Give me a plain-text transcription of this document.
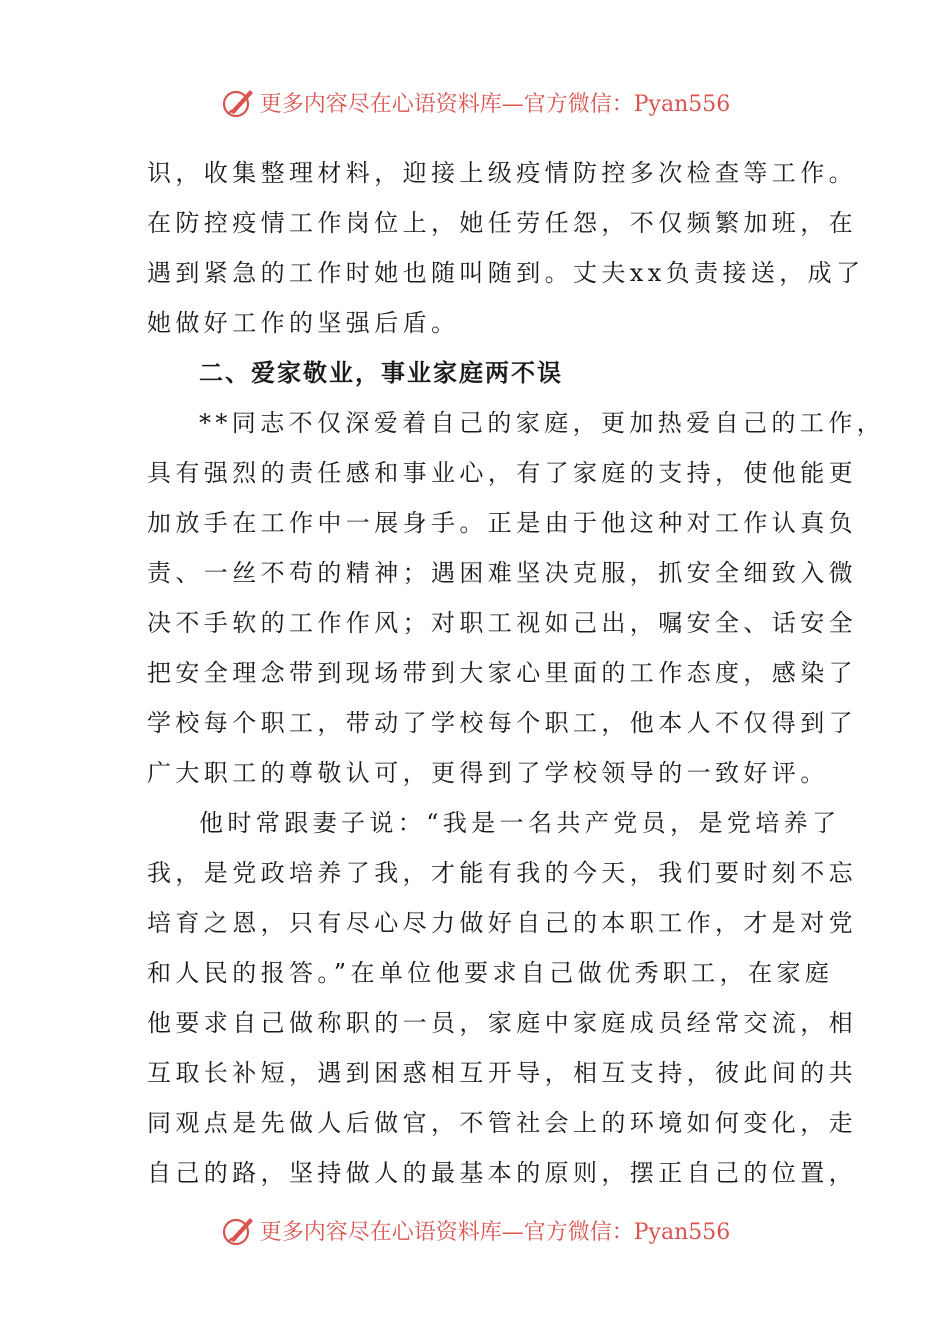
更多内容尽在心语资料库—官方微信：Pyan556
识，收集整理材料，迎接上级疫情防控多次检查等工作。
在防控疫情工作岗位上，她任劳任怨，不仅频繁加班，在
遇到紧急的工作时她也随叫随到。丈夫xx负责接送，成了
她做好工作的坚强后盾。
二、爱家敬业，事业家庭两不误
**同志不仅深爱着自己的家庭，更加热爱自己的工作，
具有强烈的责任感和事业心，有了家庭的支持，使他能更
加放手在工作中一展身手。正是由于他这种对工作认真负
责、一丝不苟的精神；遇困难坚决克服，抓安全细致入微
决不手软的工作作风；对职工视如己出，嘱安全、话安全
把安全理念带到现场带到大家心里面的工作态度，感染了
学校每个职工，带动了学校每个职工，他本人不仅得到了
广大职工的尊敬认可，更得到了学校领导的一致好评。
他时常跟妻子说：“我是一名共产党员，是党培养了
我，是党政培养了我，才能有我的今天，我们要时刻不忘
培育之恩，只有尽心尽力做好自己的本职工作，才是对党
和人民的报答。”在单位他要求自己做优秀职工，在家庭
他要求自己做称职的一员，家庭中家庭成员经常交流，相
互取长补短，遇到困惑相互开导，相互支持，彼此间的共
同观点是先做人后做官，不管社会上的环境如何变化，走
自己的路，坚持做人的最基本的原则，摆正自己的位置，
更多内容尽在心语资料库—官方微信：Pyan556
